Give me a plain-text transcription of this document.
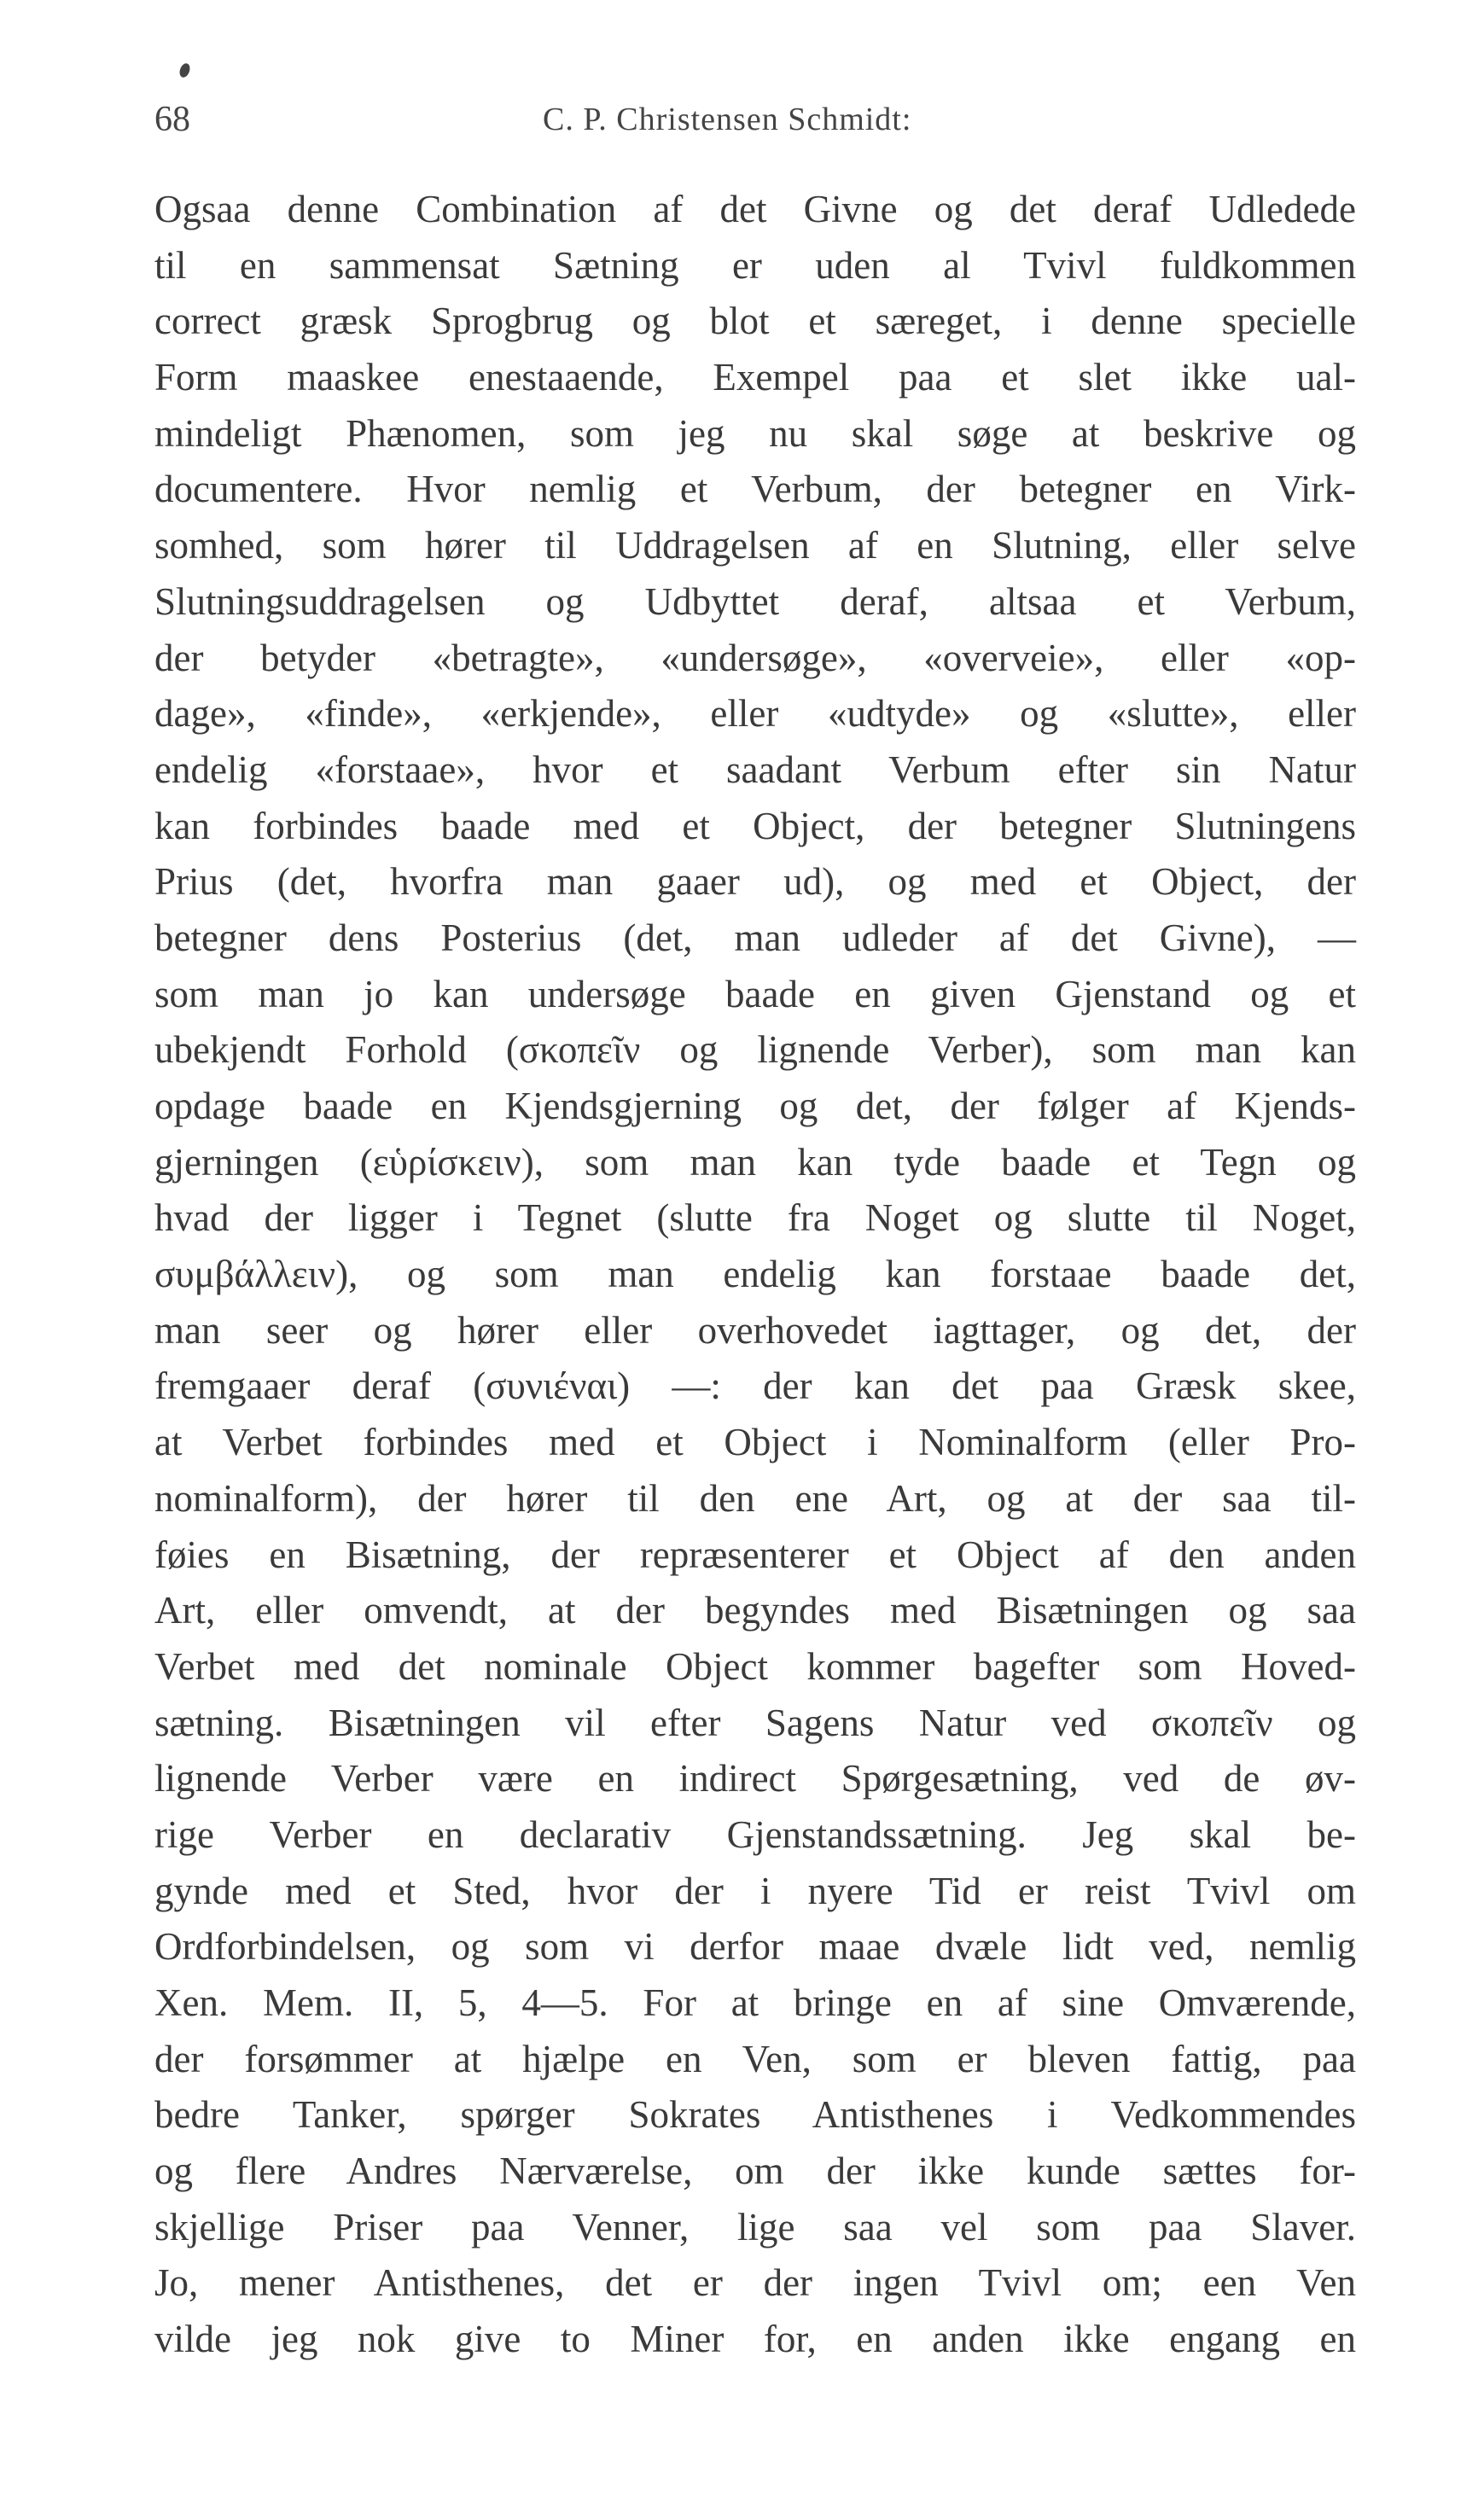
68	C. P. Christensen Schmidt:
Ogsaa denne Combination af det Givne og det deraf Udledede
til en sammensat Sætning er uden al Tvivl fuldkommen
correct græsk Sprogbrug og blot et særeget, i denne specielle
Form maaskee enestaaende, Exempel paa et slet ikke ual-
mindeligt Phænomen, som jeg nu skal søge at beskrive og
documentere. Hvor nemlig et Verbum, der betegner en Virk-
somhed, som hører til Uddragelsen af en Slutning, eller selve
Slutningsuddragelsen og Udbyttet deraf, altsaa et Verbum,
der betyder «betragte», «undersøge», «overveie», eller «op-
dage», «finde», «erkjende», eller «udtyde» og «slutte», eller
endelig «forstaae», hvor et saadant Verbum efter sin Natur
kan forbindes baade med et Object, der betegner Slutningens
Prius (det, hvorfra man gaaer ud), og med et Object, der
betegner dens Posterius (det, man udleder af det Givne), —
som man jo kan undersøge baade en given Gjenstand og et
ubekjendt Forhold (σκοπεῖν og lignende Verber), som man kan
opdage baade en Kjendsgjerning og det, der følger af Kjends-
gjerningen (εὑρίσκειν), som man kan tyde baade et Tegn og
hvad der ligger i Tegnet (slutte fra Noget og slutte til Noget,
συμβάλλειν), og som man endelig kan forstaae baade det,
man seer og hører eller overhovedet iagttager, og det, der
fremgaaer deraf (συνιέναι) —: der kan det paa Græsk skee,
at Verbet forbindes med et Object i Nominalform (eller Pro-
nominalform), der hører til den ene Art, og at der saa til-
føies en Bisætning, der repræsenterer et Object af den anden
Art, eller omvendt, at der begyndes med Bisætningen og saa
Verbet med det nominale Object kommer bagefter som Hoved-
sætning. Bisætningen vil efter Sagens Natur ved σκοπεῖν og
lignende Verber være en indirect Spørgesætning, ved de øv-
rige Verber en declarativ Gjenstandssætning. Jeg skal be-
gynde med et Sted, hvor der i nyere Tid er reist Tvivl om
Ordforbindelsen, og som vi derfor maae dvæle lidt ved, nemlig
Xen. Mem. II, 5, 4—5. For at bringe en af sine Omværende,
der forsømmer at hjælpe en Ven, som er bleven fattig, paa
bedre Tanker, spørger Sokrates Antisthenes i Vedkommendes
og flere Andres Nærværelse, om der ikke kunde sættes for-
skjellige Priser paa Venner, lige saa vel som paa Slaver.
Jo, mener Antisthenes, det er der ingen Tvivl om; een Ven
vilde jeg nok give to Miner for, en anden ikke engang en
